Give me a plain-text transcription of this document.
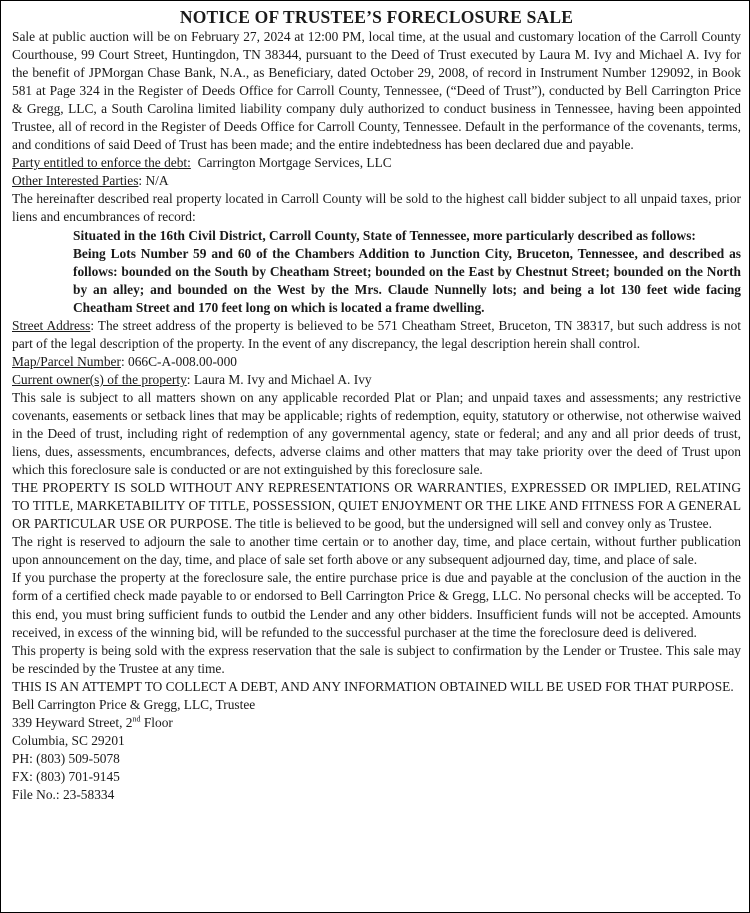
NOTICE OF TRUSTEE’S FORECLOSURE SALE

Sale at public auction will be on February 27, 2024 at 12:00 PM, local time, at the usual and customary location of the Carroll County Courthouse, 99 Court Street, Huntingdon, TN 38344, pursuant to the Deed of Trust executed by Laura M. Ivy and Michael A. Ivy for the benefit of JPMorgan Chase Bank, N.A., as Beneficiary, dated October 29, 2008, of record in Instrument Number 129092, in Book 581 at Page 324 in the Register of Deeds Office for Carroll County, Tennessee, (“Deed of Trust”), conducted by Bell Carrington Price & Gregg, LLC, a South Carolina limited liability company duly authorized to conduct business in Tennessee, having been appointed Trustee, all of record in the Register of Deeds Office for Carroll County, Tennessee. Default in the performance of the covenants, terms, and conditions of said Deed of Trust has been made; and the entire indebtedness has been declared due and payable.

Party entitled to enforce the debt: Carrington Mortgage Services, LLC

Other Interested Parties: N/A

The hereinafter described real property located in Carroll County will be sold to the highest call bidder subject to all unpaid taxes, prior liens and encumbrances of record:

Situated in the 16th Civil District, Carroll County, State of Tennessee, more particularly described as follows:

Being Lots Number 59 and 60 of the Chambers Addition to Junction City, Bruceton, Tennessee, and described as follows: bounded on the South by Cheatham Street; bounded on the East by Chestnut Street; bounded on the North by an alley; and bounded on the West by the Mrs. Claude Nunnelly lots; and being a lot 130 feet wide facing Cheatham Street and 170 feet long on which is located a frame dwelling.

Street Address: The street address of the property is believed to be 571 Cheatham Street, Bruceton, TN 38317, but such address is not part of the legal description of the property. In the event of any discrepancy, the legal description herein shall control.

Map/Parcel Number: 066C-A-008.00-000

Current owner(s) of the property: Laura M. Ivy and Michael A. Ivy

This sale is subject to all matters shown on any applicable recorded Plat or Plan; and unpaid taxes and assessments; any restrictive covenants, easements or setback lines that may be applicable; rights of redemption, equity, statutory or otherwise, not otherwise waived in the Deed of trust, including right of redemption of any governmental agency, state or federal; and any and all prior deeds of trust, liens, dues, assessments, encumbrances, defects, adverse claims and other matters that may take priority over the deed of Trust upon which this foreclosure sale is conducted or are not extinguished by this foreclosure sale.

THE PROPERTY IS SOLD WITHOUT ANY REPRESENTATIONS OR WARRANTIES, EXPRESSED OR IMPLIED, RELATING TO TITLE, MARKETABILITY OF TITLE, POSSESSION, QUIET ENJOYMENT OR THE LIKE AND FITNESS FOR A GENERAL OR PARTICULAR USE OR PURPOSE. The title is believed to be good, but the undersigned will sell and convey only as Trustee.

The right is reserved to adjourn the sale to another time certain or to another day, time, and place certain, without further publication upon announcement on the day, time, and place of sale set forth above or any subsequent adjourned day, time, and place of sale.

If you purchase the property at the foreclosure sale, the entire purchase price is due and payable at the conclusion of the auction in the form of a certified check made payable to or endorsed to Bell Carrington Price & Gregg, LLC. No personal checks will be accepted. To this end, you must bring sufficient funds to outbid the Lender and any other bidders. Insufficient funds will not be accepted. Amounts received, in excess of the winning bid, will be refunded to the successful purchaser at the time the foreclosure deed is delivered.

This property is being sold with the express reservation that the sale is subject to confirmation by the Lender or Trustee. This sale may be rescinded by the Trustee at any time.

THIS IS AN ATTEMPT TO COLLECT A DEBT, AND ANY INFORMATION OBTAINED WILL BE USED FOR THAT PURPOSE.

Bell Carrington Price & Gregg, LLC, Trustee

339 Heyward Street, 2nd Floor

Columbia, SC 29201

PH: (803) 509-5078

FX: (803) 701-9145

File No.: 23-58334
